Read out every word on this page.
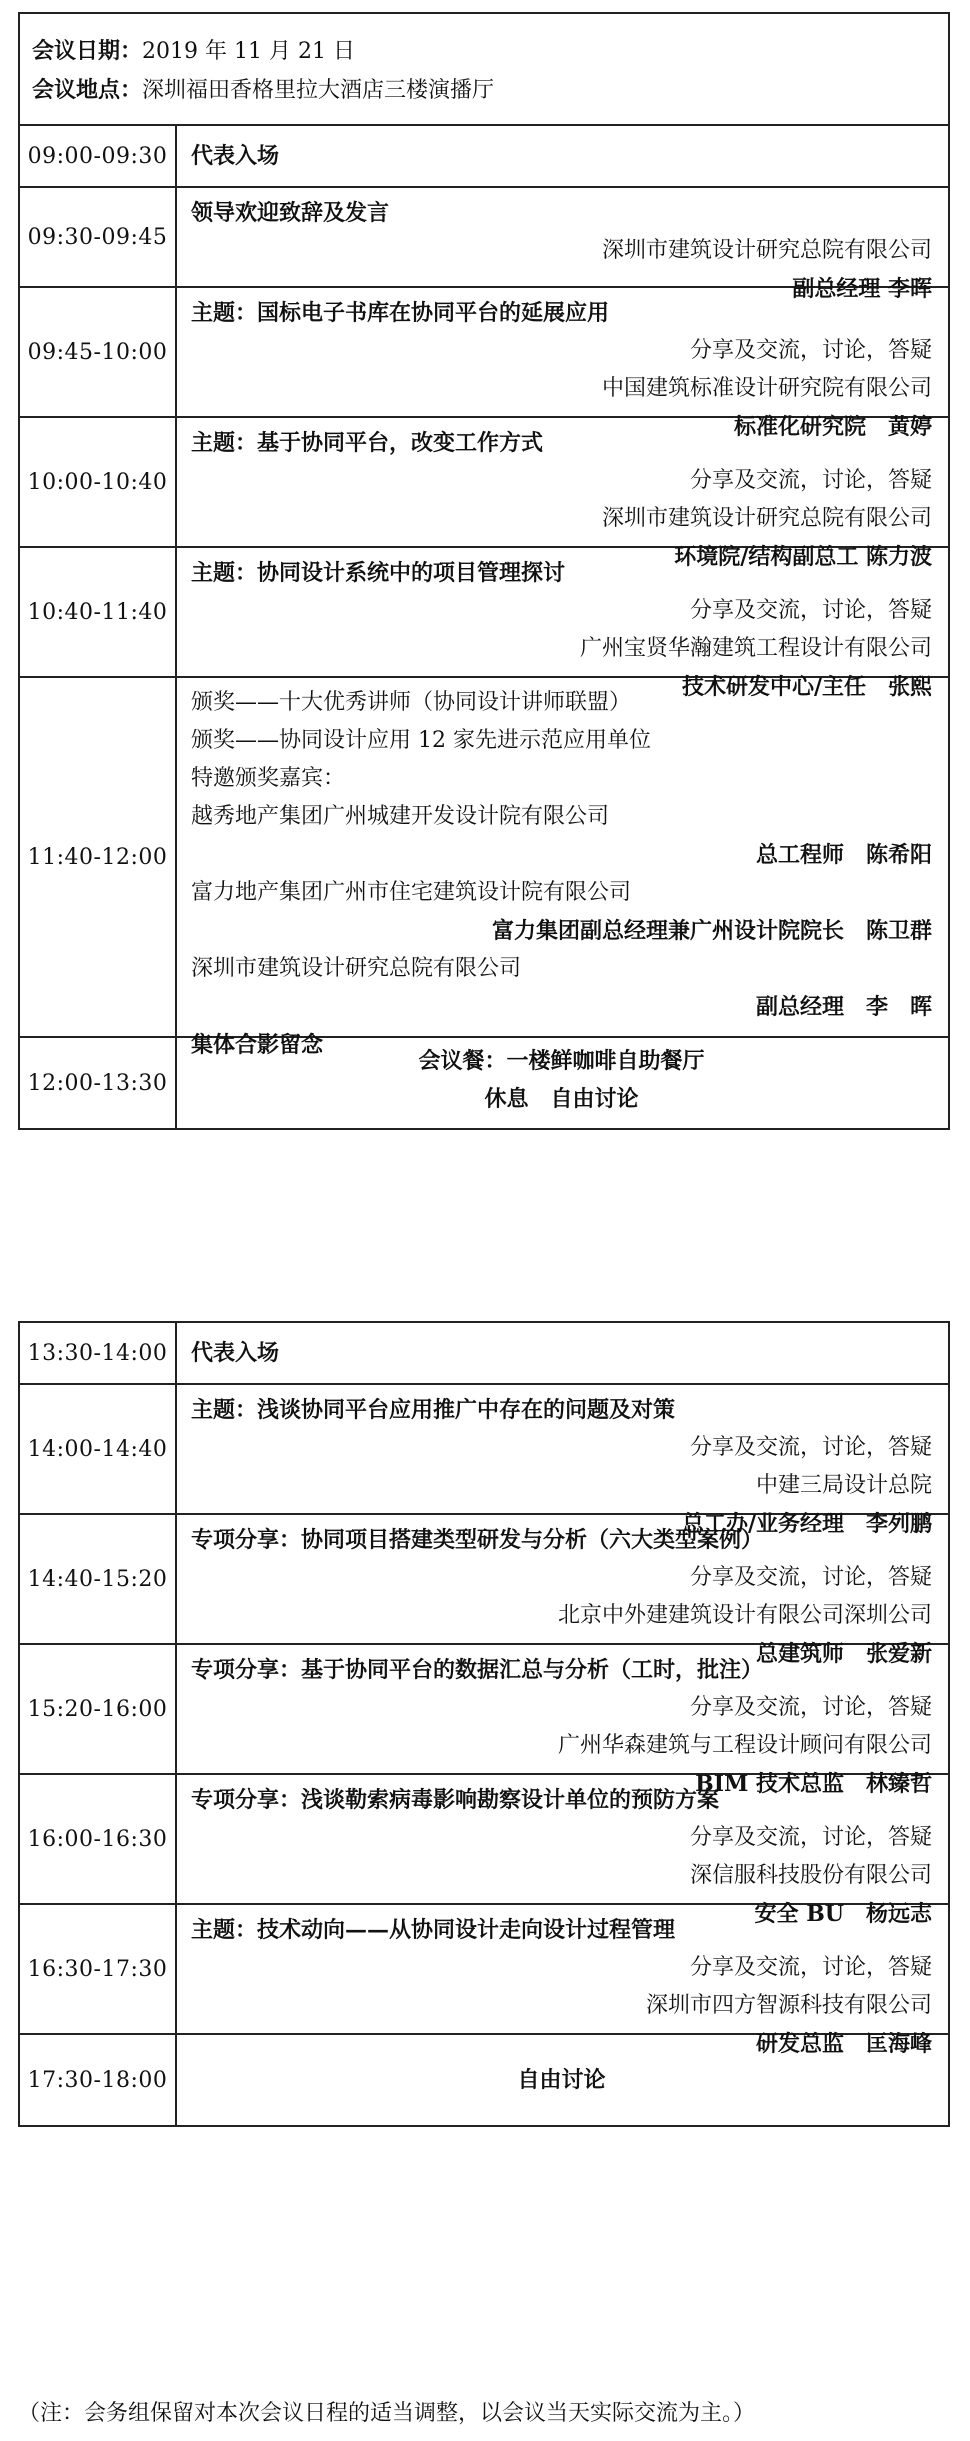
会议日期：2019 年 11 月 21 日
会议地点：深圳福田香格里拉大酒店三楼演播厅
09:00-09:30	代表入场
09:30-09:45
领导欢迎致辞及发言
深圳市建筑设计研究总院有限公司
副总经理 李晖
09:45-10:00
主题：国标电子书库在协同平台的延展应用
分享及交流，讨论，答疑
中国建筑标准设计研究院有限公司
标准化研究院　黄婷
10:00-10:40
主题：基于协同平台，改变工作方式
分享及交流，讨论，答疑
深圳市建筑设计研究总院有限公司
环境院/结构副总工 陈力波
10:40-11:40
主题：协同设计系统中的项目管理探讨
分享及交流，讨论，答疑
广州宝贤华瀚建筑工程设计有限公司
技术研发中心/主任　张熙
11:40-12:00
颁奖——十大优秀讲师（协同设计讲师联盟）
颁奖——协同设计应用 12 家先进示范应用单位
特邀颁奖嘉宾：
越秀地产集团广州城建开发设计院有限公司
总工程师　陈希阳
富力地产集团广州市住宅建筑设计院有限公司
富力集团副总经理兼广州设计院院长　陈卫群
深圳市建筑设计研究总院有限公司
副总经理　李　晖
集体合影留念
12:00-13:30
会议餐：一楼鲜咖啡自助餐厅
休息　自由讨论
13:30-14:00	代表入场
14:00-14:40
主题：浅谈协同平台应用推广中存在的问题及对策
分享及交流，讨论，答疑
中建三局设计总院
总工办/业务经理　李列鹏
14:40-15:20
专项分享：协同项目搭建类型研发与分析（六大类型案例）
分享及交流，讨论，答疑
北京中外建建筑设计有限公司深圳公司
总建筑师　张爱新
15:20-16:00
专项分享：基于协同平台的数据汇总与分析（工时，批注）
分享及交流，讨论，答疑
广州华森建筑与工程设计顾问有限公司
BIM 技术总监　林臻哲
16:00-16:30
专项分享：浅谈勒索病毒影响勘察设计单位的预防方案
分享及交流，讨论，答疑
深信服科技股份有限公司
安全 BU　杨远志
16:30-17:30
主题：技术动向——从协同设计走向设计过程管理
分享及交流，讨论，答疑
深圳市四方智源科技有限公司
研发总监　匡海峰
17:30-18:00	自由讨论
（注：会务组保留对本次会议日程的适当调整，以会议当天实际交流为主。）
